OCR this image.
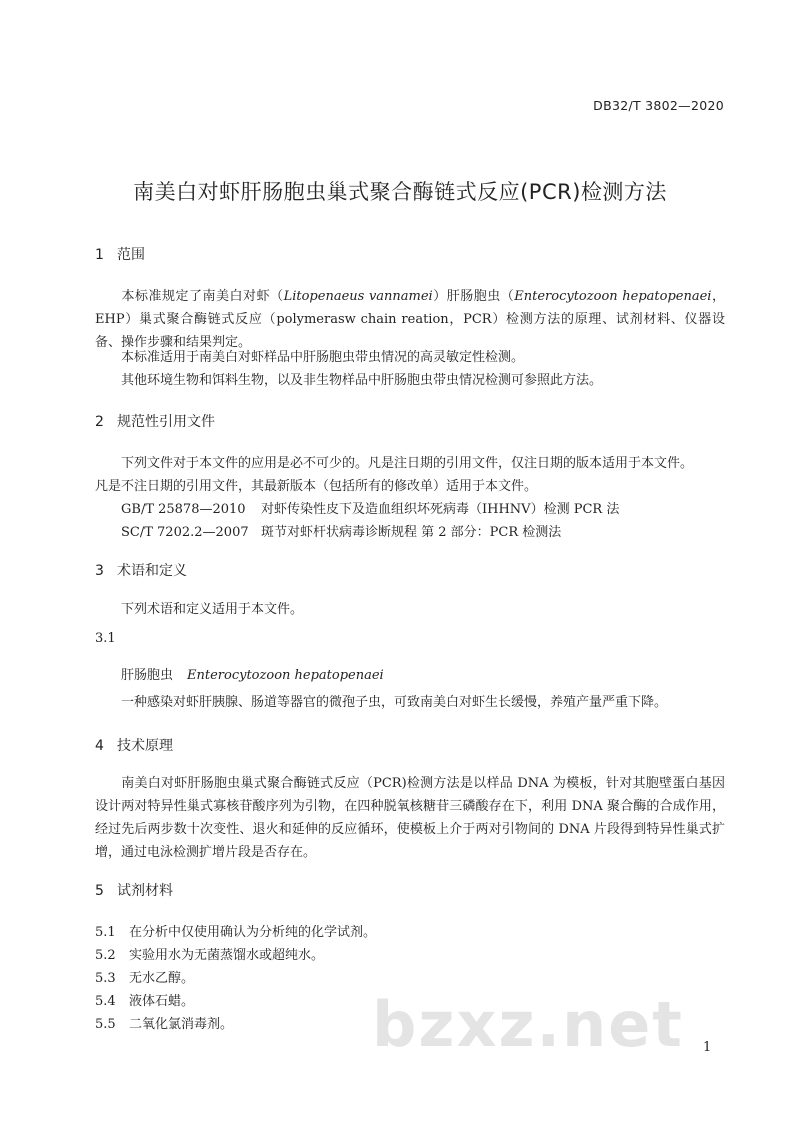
DB32/T 3802—2020
南美白对虾肝肠胞虫巢式聚合酶链式反应(PCR)检测方法
1 范围
本标准规定了南美白对虾（Litopenaeus vannamei）肝肠胞虫（Enterocytozoon hepatopenaei，EHP）巢式聚合酶链式反应（polymerasw chain reation，PCR）检测方法的原理、试剂材料、仪器设备、操作步骤和结果判定。
本标准适用于南美白对虾样品中肝肠胞虫带虫情况的高灵敏定性检测。
其他环境生物和饵料生物，以及非生物样品中肝肠胞虫带虫情况检测可参照此方法。
2 规范性引用文件
下列文件对于本文件的应用是必不可少的。凡是注日期的引用文件，仅注日期的版本适用于本文件。
凡是不注日期的引用文件，其最新版本（包括所有的修改单）适用于本文件。
GB/T 25878—2010 对虾传染性皮下及造血组织坏死病毒（IHHNV）检测 PCR 法
SC/T 7202.2—2007 斑节对虾杆状病毒诊断规程 第 2 部分：PCR 检测法
3 术语和定义
下列术语和定义适用于本文件。
3.1
肝肠胞虫 Enterocytozoon hepatopenaei
一种感染对虾肝胰腺、肠道等器官的微孢子虫，可致南美白对虾生长缓慢，养殖产量严重下降。
4 技术原理
南美白对虾肝肠胞虫巢式聚合酶链式反应（PCR)检测方法是以样品 DNA 为模板，针对其胞壁蛋白基因设计两对特异性巢式寡核苷酸序列为引物，在四种脱氧核糖苷三磷酸存在下，利用 DNA 聚合酶的合成作用，经过先后两步数十次变性、退火和延伸的反应循环，使模板上介于两对引物间的 DNA 片段得到特异性巢式扩增，通过电泳检测扩增片段是否存在。
5 试剂材料
5.1 在分析中仅使用确认为分析纯的化学试剂。
5.2 实验用水为无菌蒸馏水或超纯水。
5.3 无水乙醇。
5.4 液体石蜡。
5.5 二氧化氯消毒剂。 bzxz.net 1
